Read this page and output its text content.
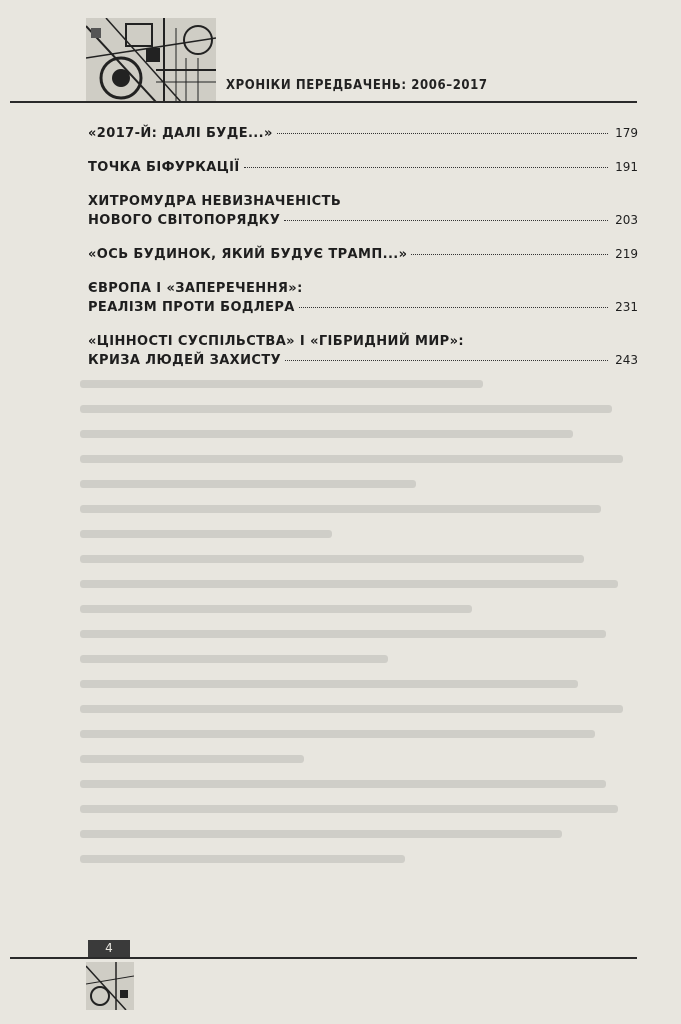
ХРОНІКИ ПЕРЕДБАЧЕНЬ: 2006–2017
«2017-Й: ДАЛІ БУДЕ...»	179
ТОЧКА БІФУРКАЦІЇ	191
ХИТРОМУДРА НЕВИЗНАЧЕНІСТЬ
НОВОГО СВІТОПОРЯДКУ	203
«ОСЬ БУДИНОК, ЯКИЙ БУДУЄ ТРАМП...»	219
ЄВРОПА І «ЗАПЕРЕЧЕННЯ»:
РЕАЛІЗМ ПРОТИ БОДЛЕРА	231
«ЦІННОСТІ СУСПІЛЬСТВА» І «ГІБРИДНИЙ МИР»:
КРИЗА ЛЮДЕЙ ЗАХИСТУ	243
4
